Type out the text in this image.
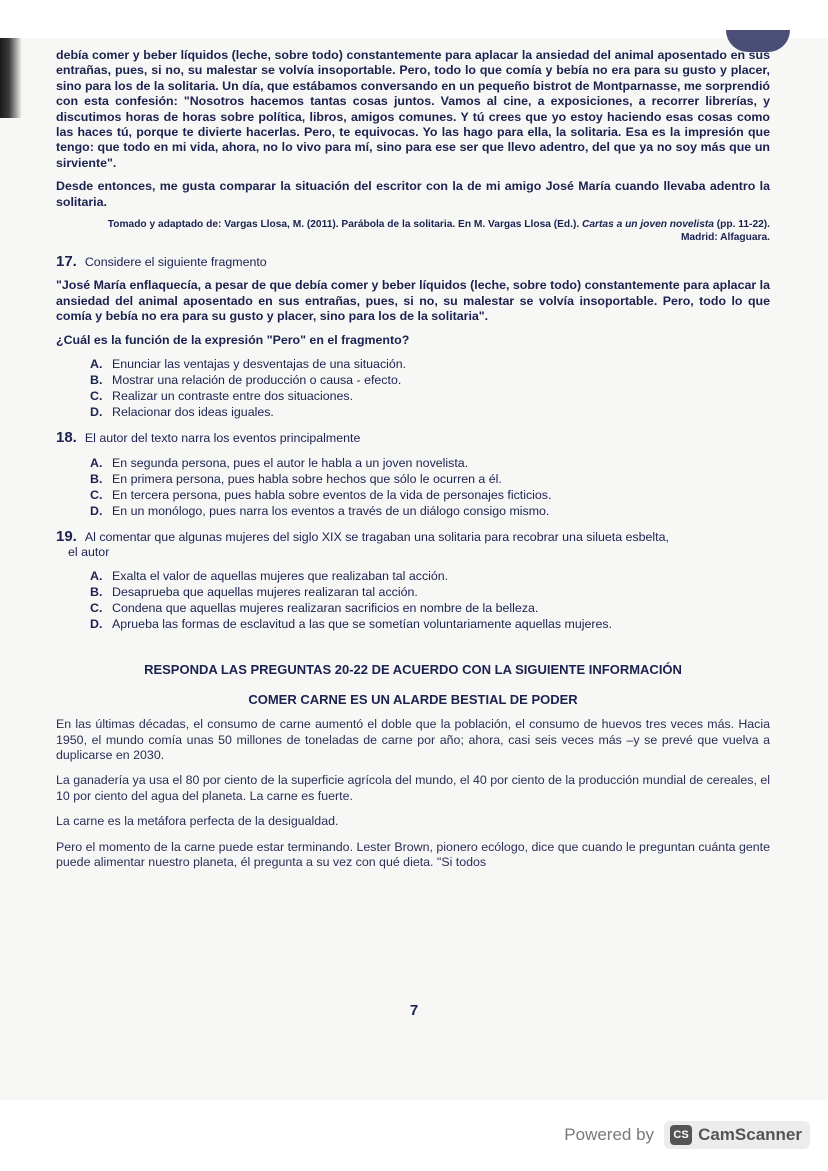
debía comer y beber líquidos (leche, sobre todo) constantemente para aplacar la ansiedad del animal aposentado en sus entrañas, pues, si no, su malestar se volvía insoportable. Pero, todo lo que comía y bebía no era para su gusto y placer, sino para los de la solitaria. Un día, que estábamos conversando en un pequeño bistrot de Montparnasse, me sorprendió con esta confesión: "Nosotros hacemos tantas cosas juntos. Vamos al cine, a exposiciones, a recorrer librerías, y discutimos horas de horas sobre política, libros, amigos comunes. Y tú crees que yo estoy haciendo esas cosas como las haces tú, porque te divierte hacerlas. Pero, te equivocas. Yo las hago para ella, la solitaria. Esa es la impresión que tengo: que todo en mi vida, ahora, no lo vivo para mí, sino para ese ser que llevo adentro, del que ya no soy más que un sirviente".

Desde entonces, me gusta comparar la situación del escritor con la de mi amigo José María cuando llevaba adentro la solitaria.

Tomado y adaptado de: Vargas Llosa, M. (2011). Parábola de la solitaria. En M. Vargas Llosa (Ed.). Cartas a un joven novelista (pp. 11-22). Madrid: Alfaguara.
17. Considere el siguiente fragmento

"José María enflaquecía, a pesar de que debía comer y beber líquidos (leche, sobre todo) constantemente para aplacar la ansiedad del animal aposentado en sus entrañas, pues, si no, su malestar se volvía insoportable. Pero, todo lo que comía y bebía no era para su gusto y placer, sino para los de la solitaria".

¿Cuál es la función de la expresión "Pero" en el fragmento?
A. Enunciar las ventajas y desventajas de una situación.
B. Mostrar una relación de producción o causa - efecto.
C. Realizar un contraste entre dos situaciones.
D. Relacionar dos ideas iguales.
18. El autor del texto narra los eventos principalmente
A. En segunda persona, pues el autor le habla a un joven novelista.
B. En primera persona, pues habla sobre hechos que sólo le ocurren a él.
C. En tercera persona, pues habla sobre eventos de la vida de personajes ficticios.
D. En un monólogo, pues narra los eventos a través de un diálogo consigo mismo.
19. Al comentar que algunas mujeres del siglo XIX se tragaban una solitaria para recobrar una silueta esbelta,
el autor
A. Exalta el valor de aquellas mujeres que realizaban tal acción.
B. Desaprueba que aquellas mujeres realizaran tal acción.
C. Condena que aquellas mujeres realizaran sacrificios en nombre de la belleza.
D. Aprueba las formas de esclavitud a las que se sometían voluntariamente aquellas mujeres.
RESPONDA LAS PREGUNTAS 20-22 DE ACUERDO CON LA SIGUIENTE INFORMACIÓN
COMER CARNE ES UN ALARDE BESTIAL DE PODER

En las últimas décadas, el consumo de carne aumentó el doble que la población, el consumo de huevos tres veces más. Hacia 1950, el mundo comía unas 50 millones de toneladas de carne por año; ahora, casi seis veces más –y se prevé que vuelva a duplicarse en 2030.

La ganadería ya usa el 80 por ciento de la superficie agrícola del mundo, el 40 por ciento de la producción mundial de cereales, el 10 por ciento del agua del planeta. La carne es fuerte.

La carne es la metáfora perfecta de la desigualdad.

Pero el momento de la carne puede estar terminando. Lester Brown, pionero ecólogo, dice que cuando le preguntan cuánta gente puede alimentar nuestro planeta, él pregunta a su vez con qué dieta. "Si todos

7
Powered by	CS CamScanner
